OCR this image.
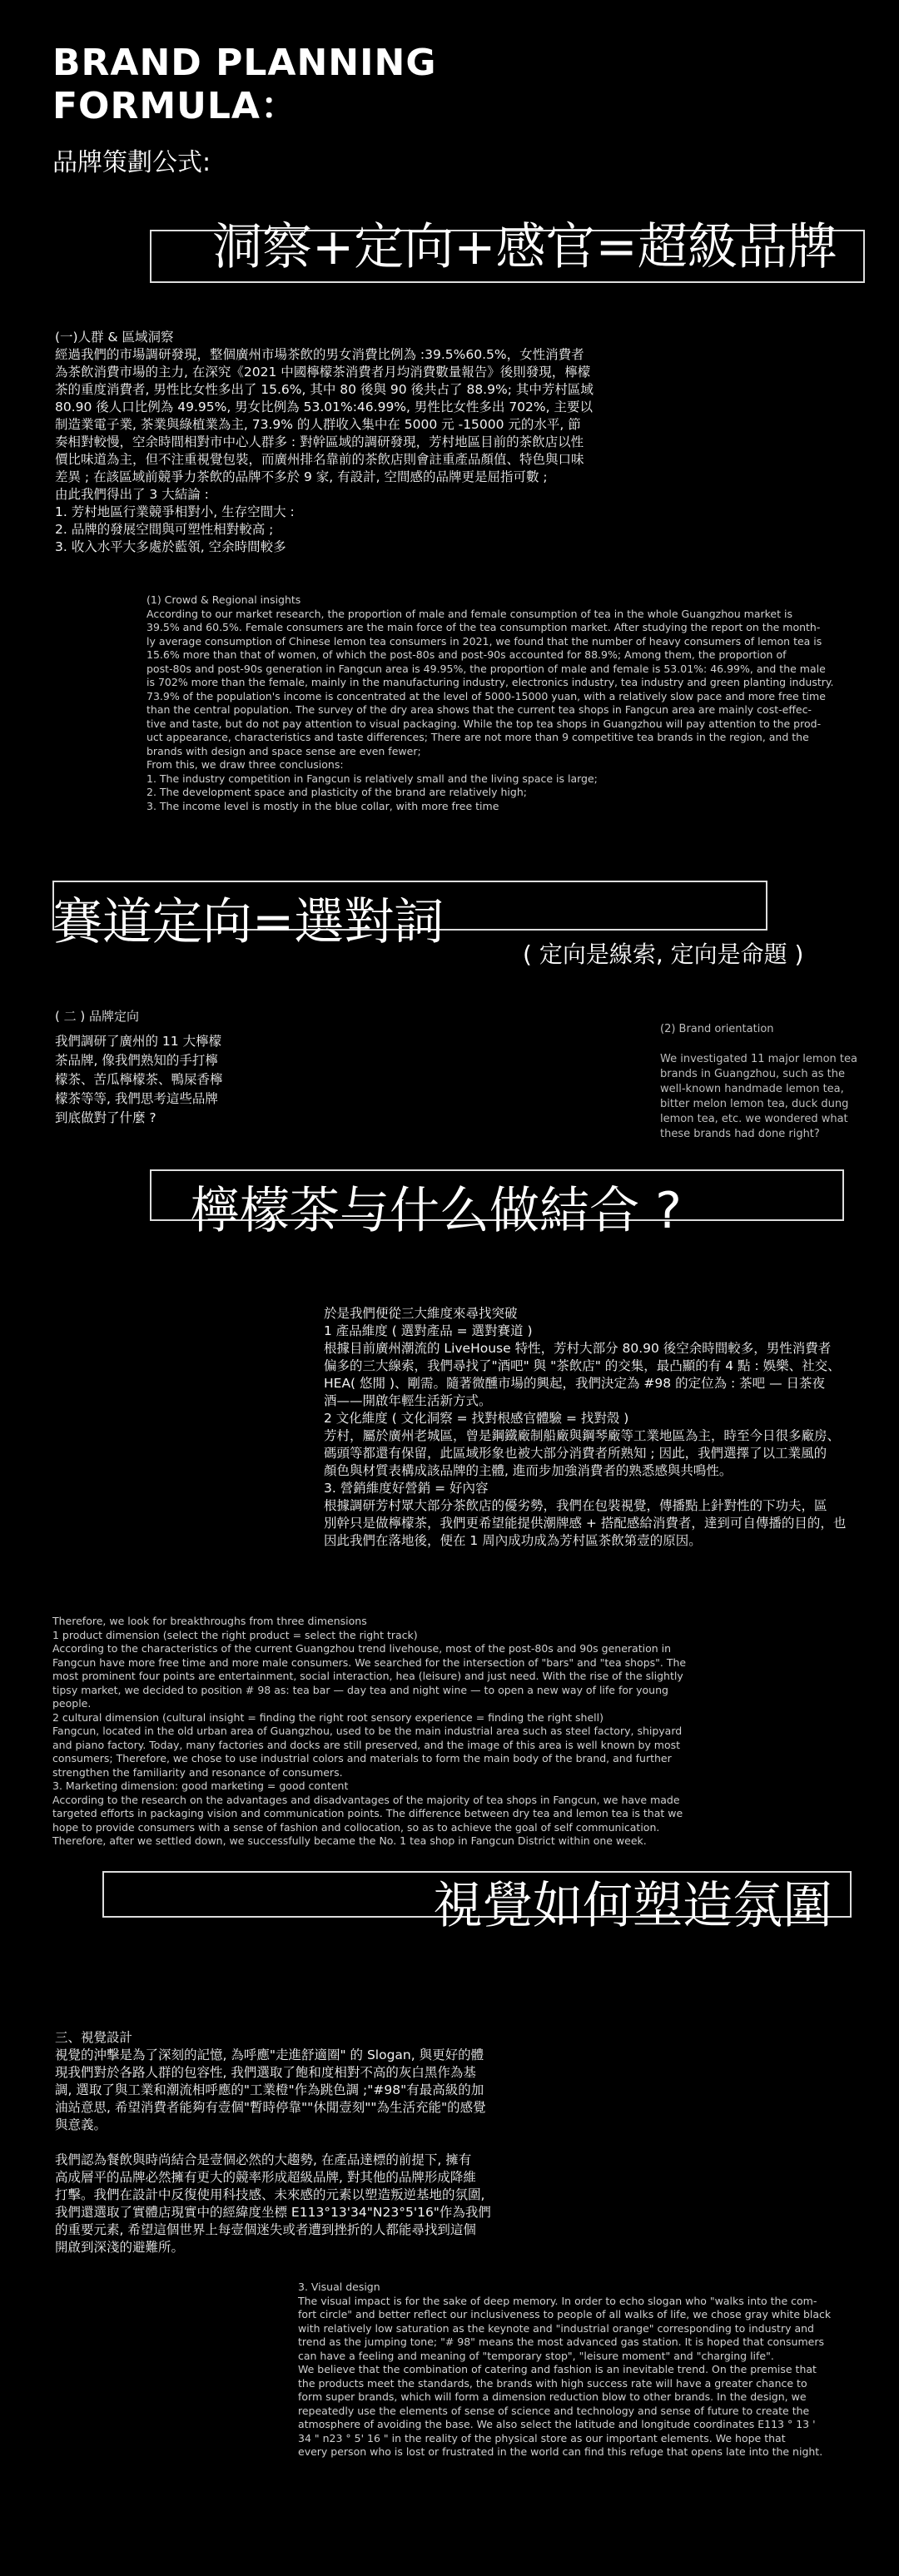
BRAND PLANNING
FORMULA：
品牌策劃公式:
洞察+定向+感官=超級品牌
(一)人群 & 區域洞察
經過我們的市場調研發現，整個廣州市場茶飲的男女消費比例為 :39.5%60.5%，女性消費者
為茶飲消費市場的主力, 在深究《2021 中國檸檬茶消費者月均消費數量報告》後則發現，檸檬
茶的重度消費者, 男性比女性多出了 15.6%, 其中 80 後與 90 後共占了 88.9%; 其中芳村區域
80.90 後人口比例為 49.95%, 男女比例為 53.01%:46.99%, 男性比女性多出 702%, 主要以
制造業電子業, 茶業與綠植業為主, 73.9% 的人群收入集中在 5000 元 -15000 元的水平, 節
奏相對較慢，空余時間相對市中心人群多 : 對幹區域的調研發現，芳村地區目前的茶飲店以性
價比味道為主，但不注重視覺包裝，而廣州排名靠前的茶飲店則會註重產品顏值、特色與口味
差異 ; 在該區域前競爭力茶飲的品牌不多於 9 家, 有設計, 空間感的品牌更是屈指可數 ;
由此我們得出了 3 大結論 :
1. 芳村地區行業競爭相對小, 生存空間大 :
2. 品牌的發展空間與可塑性相對較高 ;
3. 收入水平大多處於藍領, 空余時間較多
(1) Crowd & Regional insights
According to our market research, the proportion of male and female consumption of tea in the whole Guangzhou market is
39.5% and 60.5%. Female consumers are the main force of the tea consumption market. After studying the report on the month-
ly average consumption of Chinese lemon tea consumers in 2021, we found that the number of heavy consumers of lemon tea is
15.6% more than that of women, of which the post-80s and post-90s accounted for 88.9%; Among them, the proportion of
post-80s and post-90s generation in Fangcun area is 49.95%, the proportion of male and female is 53.01%: 46.99%, and the male
is 702% more than the female, mainly in the manufacturing industry, electronics industry, tea industry and green planting industry.
73.9% of the population's income is concentrated at the level of 5000-15000 yuan, with a relatively slow pace and more free time
than the central population. The survey of the dry area shows that the current tea shops in Fangcun area are mainly cost-effec-
tive and taste, but do not pay attention to visual packaging. While the top tea shops in Guangzhou will pay attention to the prod-
uct appearance, characteristics and taste differences; There are not more than 9 competitive tea brands in the region, and the
brands with design and space sense are even fewer;
From this, we draw three conclusions:
1. The industry competition in Fangcun is relatively small and the living space is large;
2. The development space and plasticity of the brand are relatively high;
3. The income level is mostly in the blue collar, with more free time
賽道定向=選對詞
( 定向是線索, 定向是命題 )
( 二 ) 品牌定向
我們調研了廣州的 11 大檸檬
茶品牌, 像我們熟知的手打檸
檬茶、苦瓜檸檬茶、鴨屎香檸
檬茶等等, 我們思考這些品牌
到底做對了什麼 ?
(2) Brand orientation
We investigated 11 major lemon tea
brands in Guangzhou, such as the
well-known handmade lemon tea,
bitter melon lemon tea, duck dung
lemon tea, etc. we wondered what
these brands had done right?
檸檬茶与什么做結合 ?
於是我們便從三大維度來尋找突破
1 產品維度 ( 選對產品 = 選對賽道 )
根據目前廣州潮流的 LiveHouse 特性，芳村大部分 80.90 後空余時間較多，男性消費者
偏多的三大線索，我們尋找了"酒吧" 與 "茶飲店" 的交集，最凸顯的有 4 點 : 娛樂、社交、
HEA( 悠閒 )、剛需。隨著微醺市場的興起，我們決定為 #98 的定位為 : 茶吧 — 日茶夜
酒——開啟年輕生活新方式。
2 文化維度 ( 文化洞察 = 找對根感官體驗 = 找對殼 )
芳村，屬於廣州老城區，曾是鋼鐵廠制船廠與鋼琴廠等工業地區為主，時至今日很多廠房、
碼頭等都還有保留，此區域形象也被大部分消費者所熟知 ; 因此，我們選擇了以工業風的
顏色與材質表構成該品牌的主體, 進而步加強消費者的熟悉感與共鳴性。
3. 營銷維度好營銷 = 好內容
根據調研芳村眾大部分茶飲店的優劣勢，我們在包裝視覺，傳播點上針對性的下功夫，區
別幹只是做檸檬茶，我們更希望能提供潮牌感 + 搭配感給消費者，達到可自傳播的目的，也
因此我們在落地後，便在 1 周內成功成為芳村區茶飲第壹的原因。
Therefore, we look for breakthroughs from three dimensions
1 product dimension (select the right product = select the right track)
According to the characteristics of the current Guangzhou trend livehouse, most of the post-80s and 90s generation in
Fangcun have more free time and more male consumers. We searched for the intersection of "bars" and "tea shops". The
most prominent four points are entertainment, social interaction, hea (leisure) and just need. With the rise of the slightly
tipsy market, we decided to position # 98 as: tea bar — day tea and night wine — to open a new way of life for young
people.
2 cultural dimension (cultural insight = finding the right root sensory experience = finding the right shell)
Fangcun, located in the old urban area of Guangzhou, used to be the main industrial area such as steel factory, shipyard
and piano factory. Today, many factories and docks are still preserved, and the image of this area is well known by most
consumers; Therefore, we chose to use industrial colors and materials to form the main body of the brand, and further
strengthen the familiarity and resonance of consumers.
3. Marketing dimension: good marketing = good content
According to the research on the advantages and disadvantages of the majority of tea shops in Fangcun, we have made
targeted efforts in packaging vision and communication points. The difference between dry tea and lemon tea is that we
hope to provide consumers with a sense of fashion and collocation, so as to achieve the goal of self communication.
Therefore, after we settled down, we successfully became the No. 1 tea shop in Fangcun District within one week.
視覺如何塑造氛圍
三、視覺設計
視覺的沖擊是為了深刻的記憶, 為呼應"走進舒適圈" 的 Slogan, 與更好的體
現我們對於各路人群的包容性, 我們選取了飽和度相對不高的灰白黑作為基
調, 選取了與工業和潮流相呼應的"工業橙"作為跳色調 ;"#98"有最高級的加
油站意思, 希望消費者能夠有壹個"暫時停靠""休閒壹刻""為生活充能"的感覺
與意義。

我們認為餐飲與時尚結合是壹個必然的大趨勢, 在產品達標的前提下, 擁有
高成層平的品牌必然擁有更大的競率形成超級品牌, 對其他的品牌形成降維
打擊。我們在設計中反復使用科技感、未來感的元素以塑造叛逆基地的氛圍,
我們還選取了實體店現實中的經緯度坐標 E113°13'34"N23°5'16"作為我們
的重要元素, 希望這個世界上每壹個迷失或者遭到挫折的人都能尋找到這個
開啟到深淺的避難所。
3. Visual design
The visual impact is for the sake of deep memory. In order to echo slogan who "walks into the com-
fort circle" and better reflect our inclusiveness to people of all walks of life, we chose gray white black
with relatively low saturation as the keynote and "industrial orange" corresponding to industry and
trend as the jumping tone; "# 98" means the most advanced gas station. It is hoped that consumers
can have a feeling and meaning of "temporary stop", "leisure moment" and "charging life".
We believe that the combination of catering and fashion is an inevitable trend. On the premise that
the products meet the standards, the brands with high success rate will have a greater chance to
form super brands, which will form a dimension reduction blow to other brands. In the design, we
repeatedly use the elements of sense of science and technology and sense of future to create the
atmosphere of avoiding the base. We also select the latitude and longitude coordinates E113 ° 13 '
34 " n23 ° 5' 16 " in the reality of the physical store as our important elements. We hope that
every person who is lost or frustrated in the world can find this refuge that opens late into the night.
